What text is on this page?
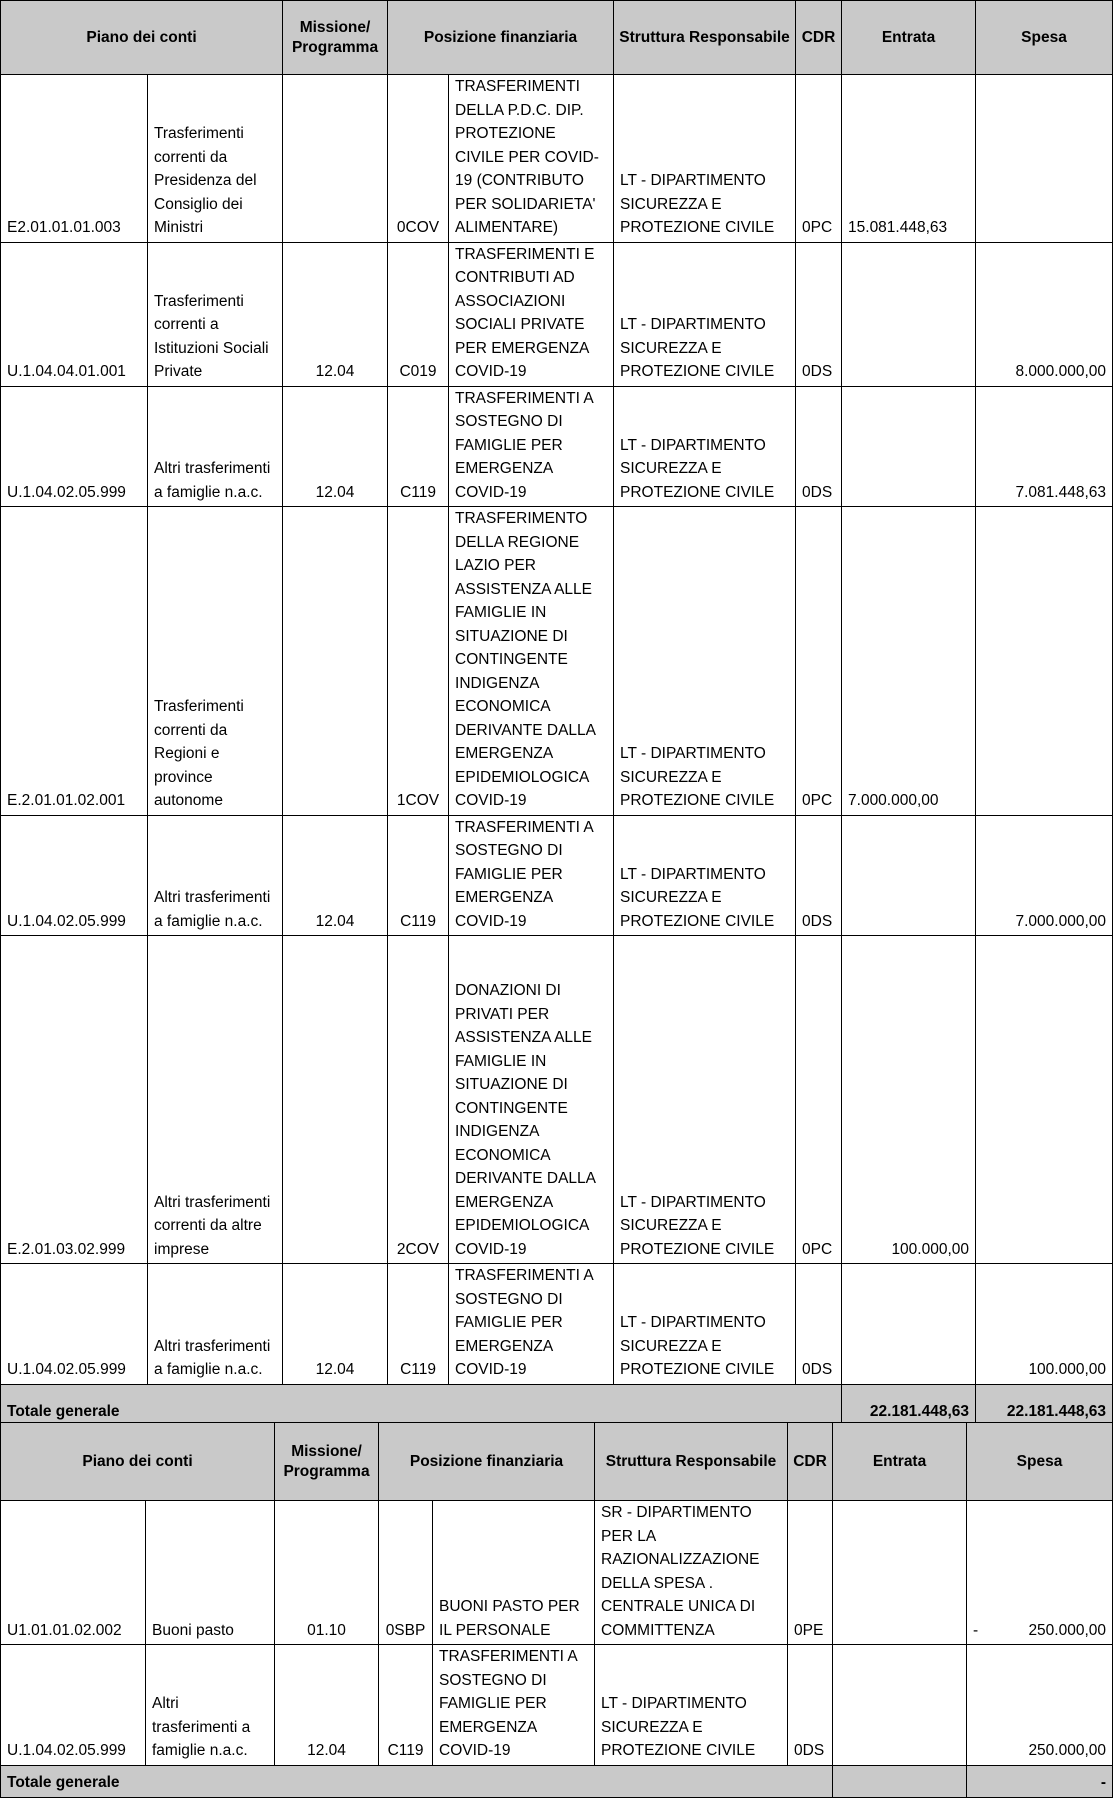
Piano dei conti		Missione/ Programma	Posizione finanziaria		Struttura Responsabile	CDR	Entrata	Spesa
E2.01.01.01.003	Trasferimenti correnti da Presidenza del Consiglio dei Ministri		0COV	TRASFERIMENTI DELLA P.D.C. DIP. PROTEZIONE CIVILE PER COVID-19 (CONTRIBUTO PER SOLIDARIETA' ALIMENTARE)	LT - DIPARTIMENTO SICUREZZA E PROTEZIONE CIVILE	0PC	15.081.448,63	
U.1.04.04.01.001	Trasferimenti correnti a Istituzioni Sociali Private	12.04	C019	TRASFERIMENTI E CONTRIBUTI AD ASSOCIAZIONI SOCIALI PRIVATE PER EMERGENZA COVID-19	LT - DIPARTIMENTO SICUREZZA E PROTEZIONE CIVILE	0DS		8.000.000,00
U.1.04.02.05.999	Altri trasferimenti a famiglie n.a.c.	12.04	C119	TRASFERIMENTI A SOSTEGNO DI FAMIGLIE PER EMERGENZA COVID-19	LT - DIPARTIMENTO SICUREZZA E PROTEZIONE CIVILE	0DS		7.081.448,63
E.2.01.01.02.001	Trasferimenti correnti da Regioni e province autonome		1COV	TRASFERIMENTO DELLA REGIONE LAZIO PER ASSISTENZA ALLE FAMIGLIE IN SITUAZIONE DI CONTINGENTE INDIGENZA ECONOMICA DERIVANTE DALLA EMERGENZA EPIDEMIOLOGICA COVID-19	LT - DIPARTIMENTO SICUREZZA E PROTEZIONE CIVILE	0PC	7.000.000,00	
U.1.04.02.05.999	Altri trasferimenti a famiglie n.a.c.	12.04	C119	TRASFERIMENTI A SOSTEGNO DI FAMIGLIE PER EMERGENZA COVID-19	LT - DIPARTIMENTO SICUREZZA E PROTEZIONE CIVILE	0DS		7.000.000,00
E.2.01.03.02.999	Altri trasferimenti correnti da altre imprese		2COV	DONAZIONI DI PRIVATI PER ASSISTENZA ALLE FAMIGLIE IN SITUAZIONE DI CONTINGENTE INDIGENZA ECONOMICA DERIVANTE DALLA EMERGENZA EPIDEMIOLOGICA COVID-19	LT - DIPARTIMENTO SICUREZZA E PROTEZIONE CIVILE	0PC	100.000,00	
U.1.04.02.05.999	Altri trasferimenti a famiglie n.a.c.	12.04	C119	TRASFERIMENTI A SOSTEGNO DI FAMIGLIE PER EMERGENZA COVID-19	LT - DIPARTIMENTO SICUREZZA E PROTEZIONE CIVILE	0DS		100.000,00
Totale generale							22.181.448,63	22.181.448,63
Piano dei conti		Missione/ Programma	Posizione finanziaria		Struttura Responsabile	CDR	Entrata	Spesa
U1.01.01.02.002	Buoni pasto	01.10	0SBP	BUONI PASTO PER IL PERSONALE	SR - DIPARTIMENTO PER LA RAZIONALIZZAZIONE DELLA SPESA . CENTRALE UNICA DI COMMITTENZA	0PE		- 250.000,00
U.1.04.02.05.999	Altri trasferimenti a famiglie n.a.c.	12.04	C119	TRASFERIMENTI A SOSTEGNO DI FAMIGLIE PER EMERGENZA COVID-19	LT - DIPARTIMENTO SICUREZZA E PROTEZIONE CIVILE	0DS		250.000,00
Totale generale								-
